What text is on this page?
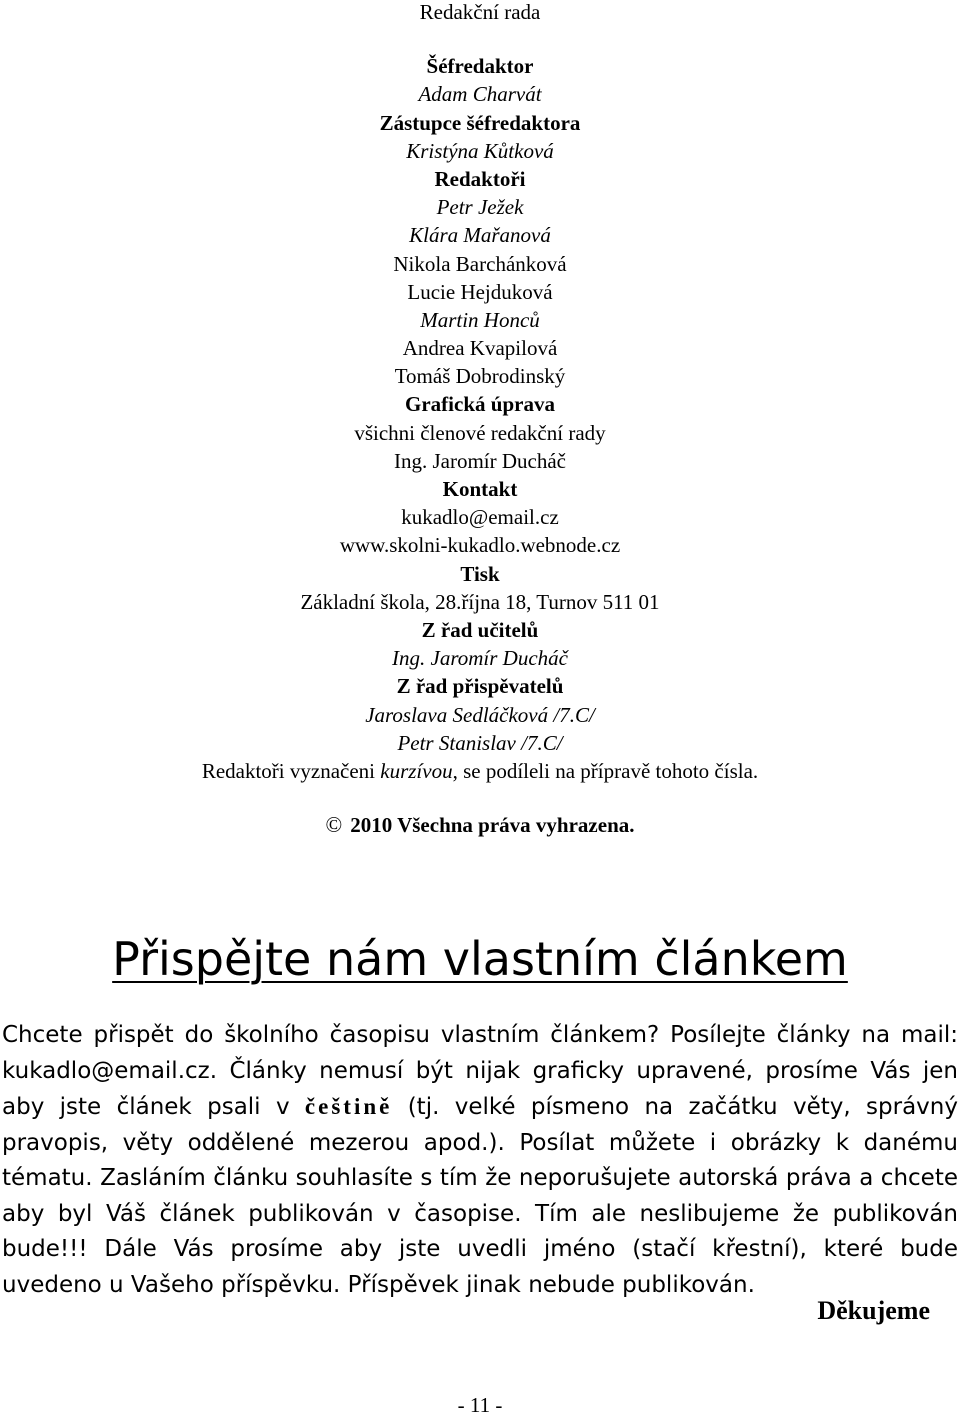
Redakční rada
Šéfredaktor
Adam Charvát
Zástupce šéfredaktora
Kristýna Kůtková
Redaktoři
Petr Ježek
Klára Mařanová
Nikola Barchánková
Lucie Hejduková
Martin Honců
Andrea Kvapilová
Tomáš Dobrodinský
Grafická úprava
všichni členové redakční rady
Ing. Jaromír Ducháč
Kontakt
kukadlo@email.cz
www.skolni-kukadlo.webnode.cz
Tisk
Základní škola, 28.října 18, Turnov 511 01
Z řad učitelů
Ing. Jaromír Ducháč
Z řad přispěvatelů
Jaroslava Sedláčková /7.C/
Petr Stanislav /7.C/
Redaktoři vyznačeni kurzívou, se podíleli na přípravě tohoto čísla.
© 2010 Všechna práva vyhrazena.
Přispějte nám vlastním článkem
Chcete přispět do školního časopisu vlastním článkem? Posílejte články na mail: kukadlo@email.cz. Články nemusí být nijak graficky upravené, prosíme Vás jen aby jste článek psali v češtině (tj. velké písmeno na začátku věty, správný pravopis, věty oddělené mezerou apod.). Posílat můžete i obrázky k danému tématu. Zasláním článku souhlasíte s tím že neporušujete autorská práva a chcete aby byl Váš článek publikován v časopise. Tím ale neslibujeme že publikován bude!!! Dále Vás prosíme aby jste uvedli jméno (stačí křestní), které bude uvedeno u Vašeho příspěvku. Příspěvek jinak nebude publikován.
Děkujeme
- 11 -
